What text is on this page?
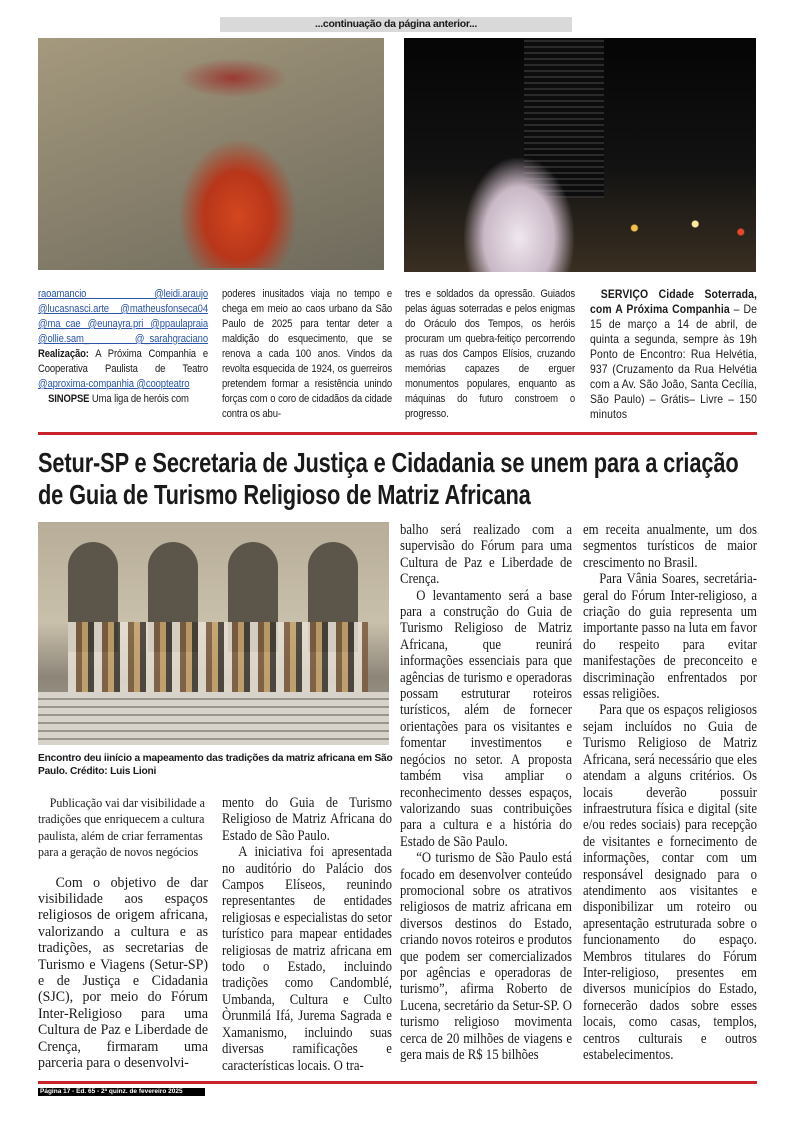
...continuação da página anterior...
raoamancio @leidi.araujo @lucasnasci.arte @matheusfonseca04 @ma_cae @eunayra.pri @ppaulapraia @ollie.sam_ @_sarahgraciano Realização: A Próxima Companhia e Cooperativa Paulista de Teatro @aproxima-companhia @coopteatro
SINOPSE Uma liga de heróis com
poderes inusitados viaja no tempo e chega em meio ao caos urbano da São Paulo de 2025 para tentar deter a maldição do esquecimento, que se renova a cada 100 anos. Vindos da revolta esquecida de 1924, os guerreiros pretendem formar a resistência unindo forças com o coro de cidadãos da cidade contra os abu-
tres e soldados da opressão. Guiados pelas águas soterradas e pelos enigmas do Oráculo dos Tempos, os heróis procuram um quebra-feitiço percorrendo as ruas dos Campos Elísios, cruzando memórias capazes de erguer monumentos populares, enquanto as máquinas do futuro constroem o progresso.
SERVIÇO Cidade Soterrada, com A Próxima Companhia – De 15 de março a 14 de abril, de quinta a segunda, sempre às 19h Ponto de Encontro: Rua Helvétia, 937 (Cruzamento da Rua Helvétia com a Av. São João, Santa Cecília, São Paulo) – Grátis– Livre – 150 minutos
Setur-SP e Secretaria de Justiça e Cidadania se unem para a criação de Guia de Turismo Religioso de Matriz Africana
Encontro deu iinício a mapeamento das tradições da matriz africana em São Paulo. Crédito: Luis Lioni

Publicação vai dar visibilidade a tradições que enriquecem a cultura paulista, além de criar ferramentas para a geração de novos negócios

Com o objetivo de dar visibilidade aos espaços religiosos de origem africana, valorizando a cultura e as tradições, as secretarias de Turismo e Viagens (Setur-SP) e de Justiça e Cidadania (SJC), por meio do Fórum Inter-Religioso para uma Cultura de Paz e Liberdade de Crença, firmaram uma parceria para o desenvolvi-

mento do Guia de Turismo Religioso de Matriz Africana do Estado de São Paulo.

A iniciativa foi apresentada no auditório do Palácio dos Campos Elíseos, reunindo representantes de entidades religiosas e especialistas do setor turístico para mapear entidades religiosas de matriz africana em todo o Estado, incluindo tradições como Candomblé, Umbanda, Cultura e Culto Òrunmilá Ifá, Jurema Sagrada e Xamanismo, incluindo suas diversas ramificações e características locais. O tra-

balho será realizado com a supervisão do Fórum para uma Cultura de Paz e Liberdade de Crença.

O levantamento será a base para a construção do Guia de Turismo Religioso de Matriz Africana, que reunirá informações essenciais para que agências de turismo e operadoras possam estruturar roteiros turísticos, além de fornecer orientações para os visitantes e fomentar investimentos e negócios no setor. A proposta também visa ampliar o reconhecimento desses espaços, valorizando suas contribuições para a cultura e a história do Estado de São Paulo.

“O turismo de São Paulo está focado em desenvolver conteúdo promocional sobre os atrativos religiosos de matriz africana em diversos destinos do Estado, criando novos roteiros e produtos que podem ser comercializados por agências e operadoras de turismo”, afirma Roberto de Lucena, secretário da Setur-SP. O turismo religioso movimenta cerca de 20 milhões de viagens e gera mais de R$ 15 bilhões

em receita anualmente, um dos segmentos turísticos de maior crescimento no Brasil.

Para Vânia Soares, secretária-geral do Fórum Inter-religioso, a criação do guia representa um importante passo na luta em favor do respeito para evitar manifestações de preconceito e discriminação enfrentados por essas religiões.

Para que os espaços religiosos sejam incluídos no Guia de Turismo Religioso de Matriz Africana, será necessário que eles atendam a alguns critérios. Os locais deverão possuir infraestrutura física e digital (site e/ou redes sociais) para recepção de visitantes e fornecimento de informações, contar com um responsável designado para o atendimento aos visitantes e disponibilizar um roteiro ou apresentação estruturada sobre o funcionamento do espaço. Membros titulares do Fórum Inter-religioso, presentes em diversos municípios do Estado, fornecerão dados sobre esses locais, como casas, templos, centros culturais e outros estabelecimentos.

Página 17 - Ed. 65 - 2ª quinz. de fevereiro 2025
